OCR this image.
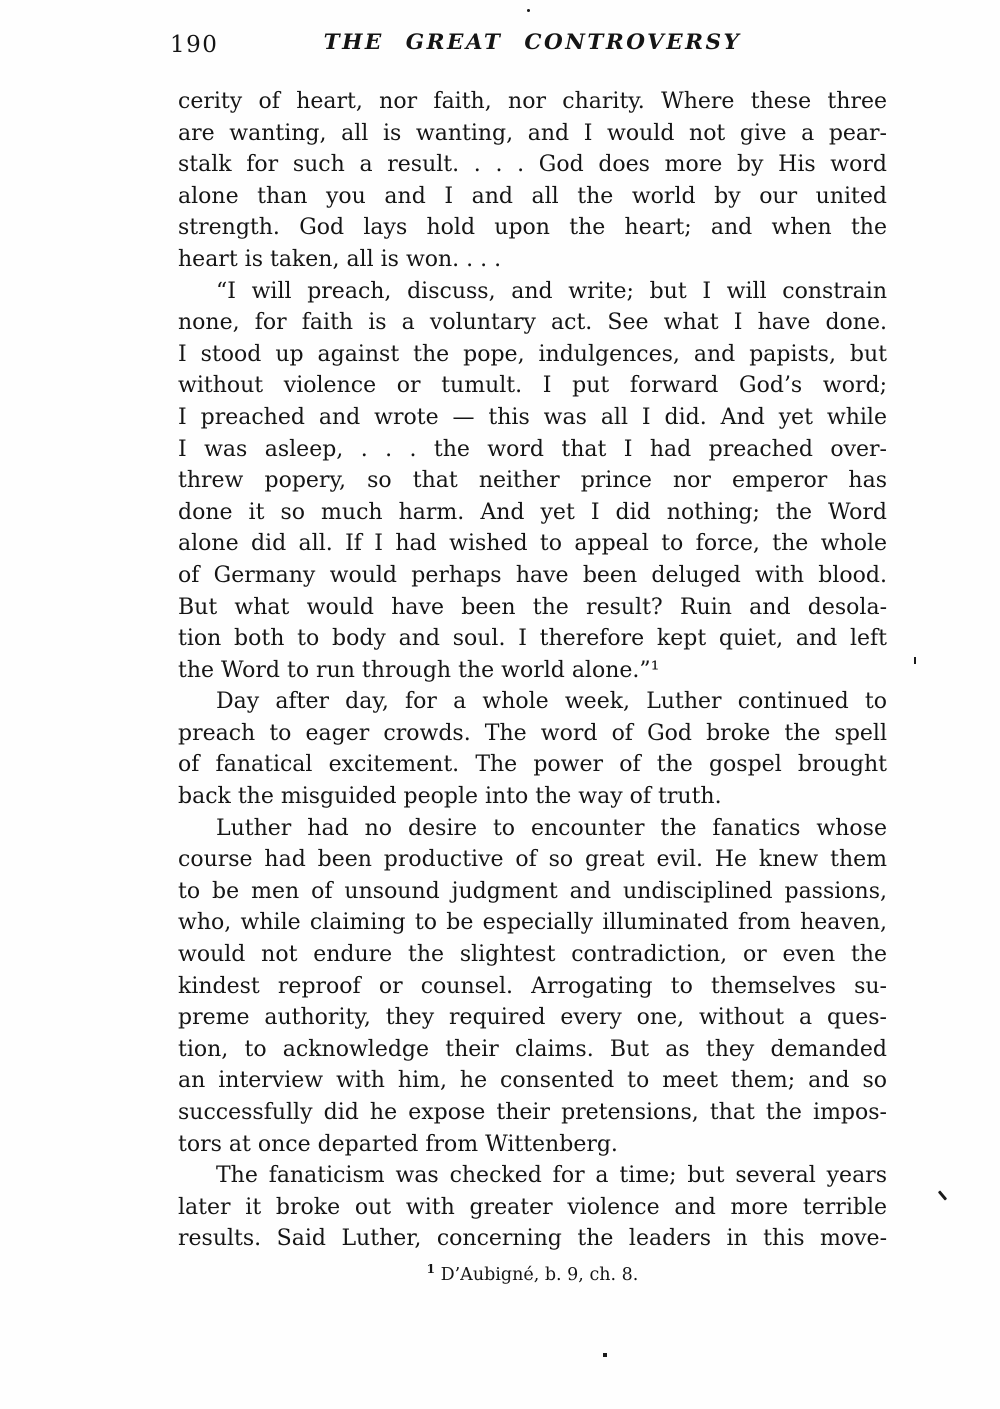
190	THE GREAT CONTROVERSY
cerity of heart, nor faith, nor charity. Where these three
are wanting, all is wanting, and I would not give a pear-
stalk for such a result. . . . God does more by His word
alone than you and I and all the world by our united
strength. God lays hold upon the heart; and when the
heart is taken, all is won. . . .
“I will preach, discuss, and write; but I will constrain
none, for faith is a voluntary act. See what I have done.
I stood up against the pope, indulgences, and papists, but
without violence or tumult. I put forward God’s word;
I preached and wrote — this was all I did. And yet while
I was asleep, . . . the word that I had preached over-
threw popery, so that neither prince nor emperor has
done it so much harm. And yet I did nothing; the Word
alone did all. If I had wished to appeal to force, the whole
of Germany would perhaps have been deluged with blood.
But what would have been the result? Ruin and desola-
tion both to body and soul. I therefore kept quiet, and left
the Word to run through the world alone.”¹
Day after day, for a whole week, Luther continued to
preach to eager crowds. The word of God broke the spell
of fanatical excitement. The power of the gospel brought
back the misguided people into the way of truth.
Luther had no desire to encounter the fanatics whose
course had been productive of so great evil. He knew them
to be men of unsound judgment and undisciplined passions,
who, while claiming to be especially illuminated from heaven,
would not endure the slightest contradiction, or even the
kindest reproof or counsel. Arrogating to themselves su-
preme authority, they required every one, without a ques-
tion, to acknowledge their claims. But as they demanded
an interview with him, he consented to meet them; and so
successfully did he expose their pretensions, that the impos-
tors at once departed from Wittenberg.
The fanaticism was checked for a time; but several years
later it broke out with greater violence and more terrible
results. Said Luther, concerning the leaders in this move-
$^1$ D’Aubigné, b. 9, ch. 8.
